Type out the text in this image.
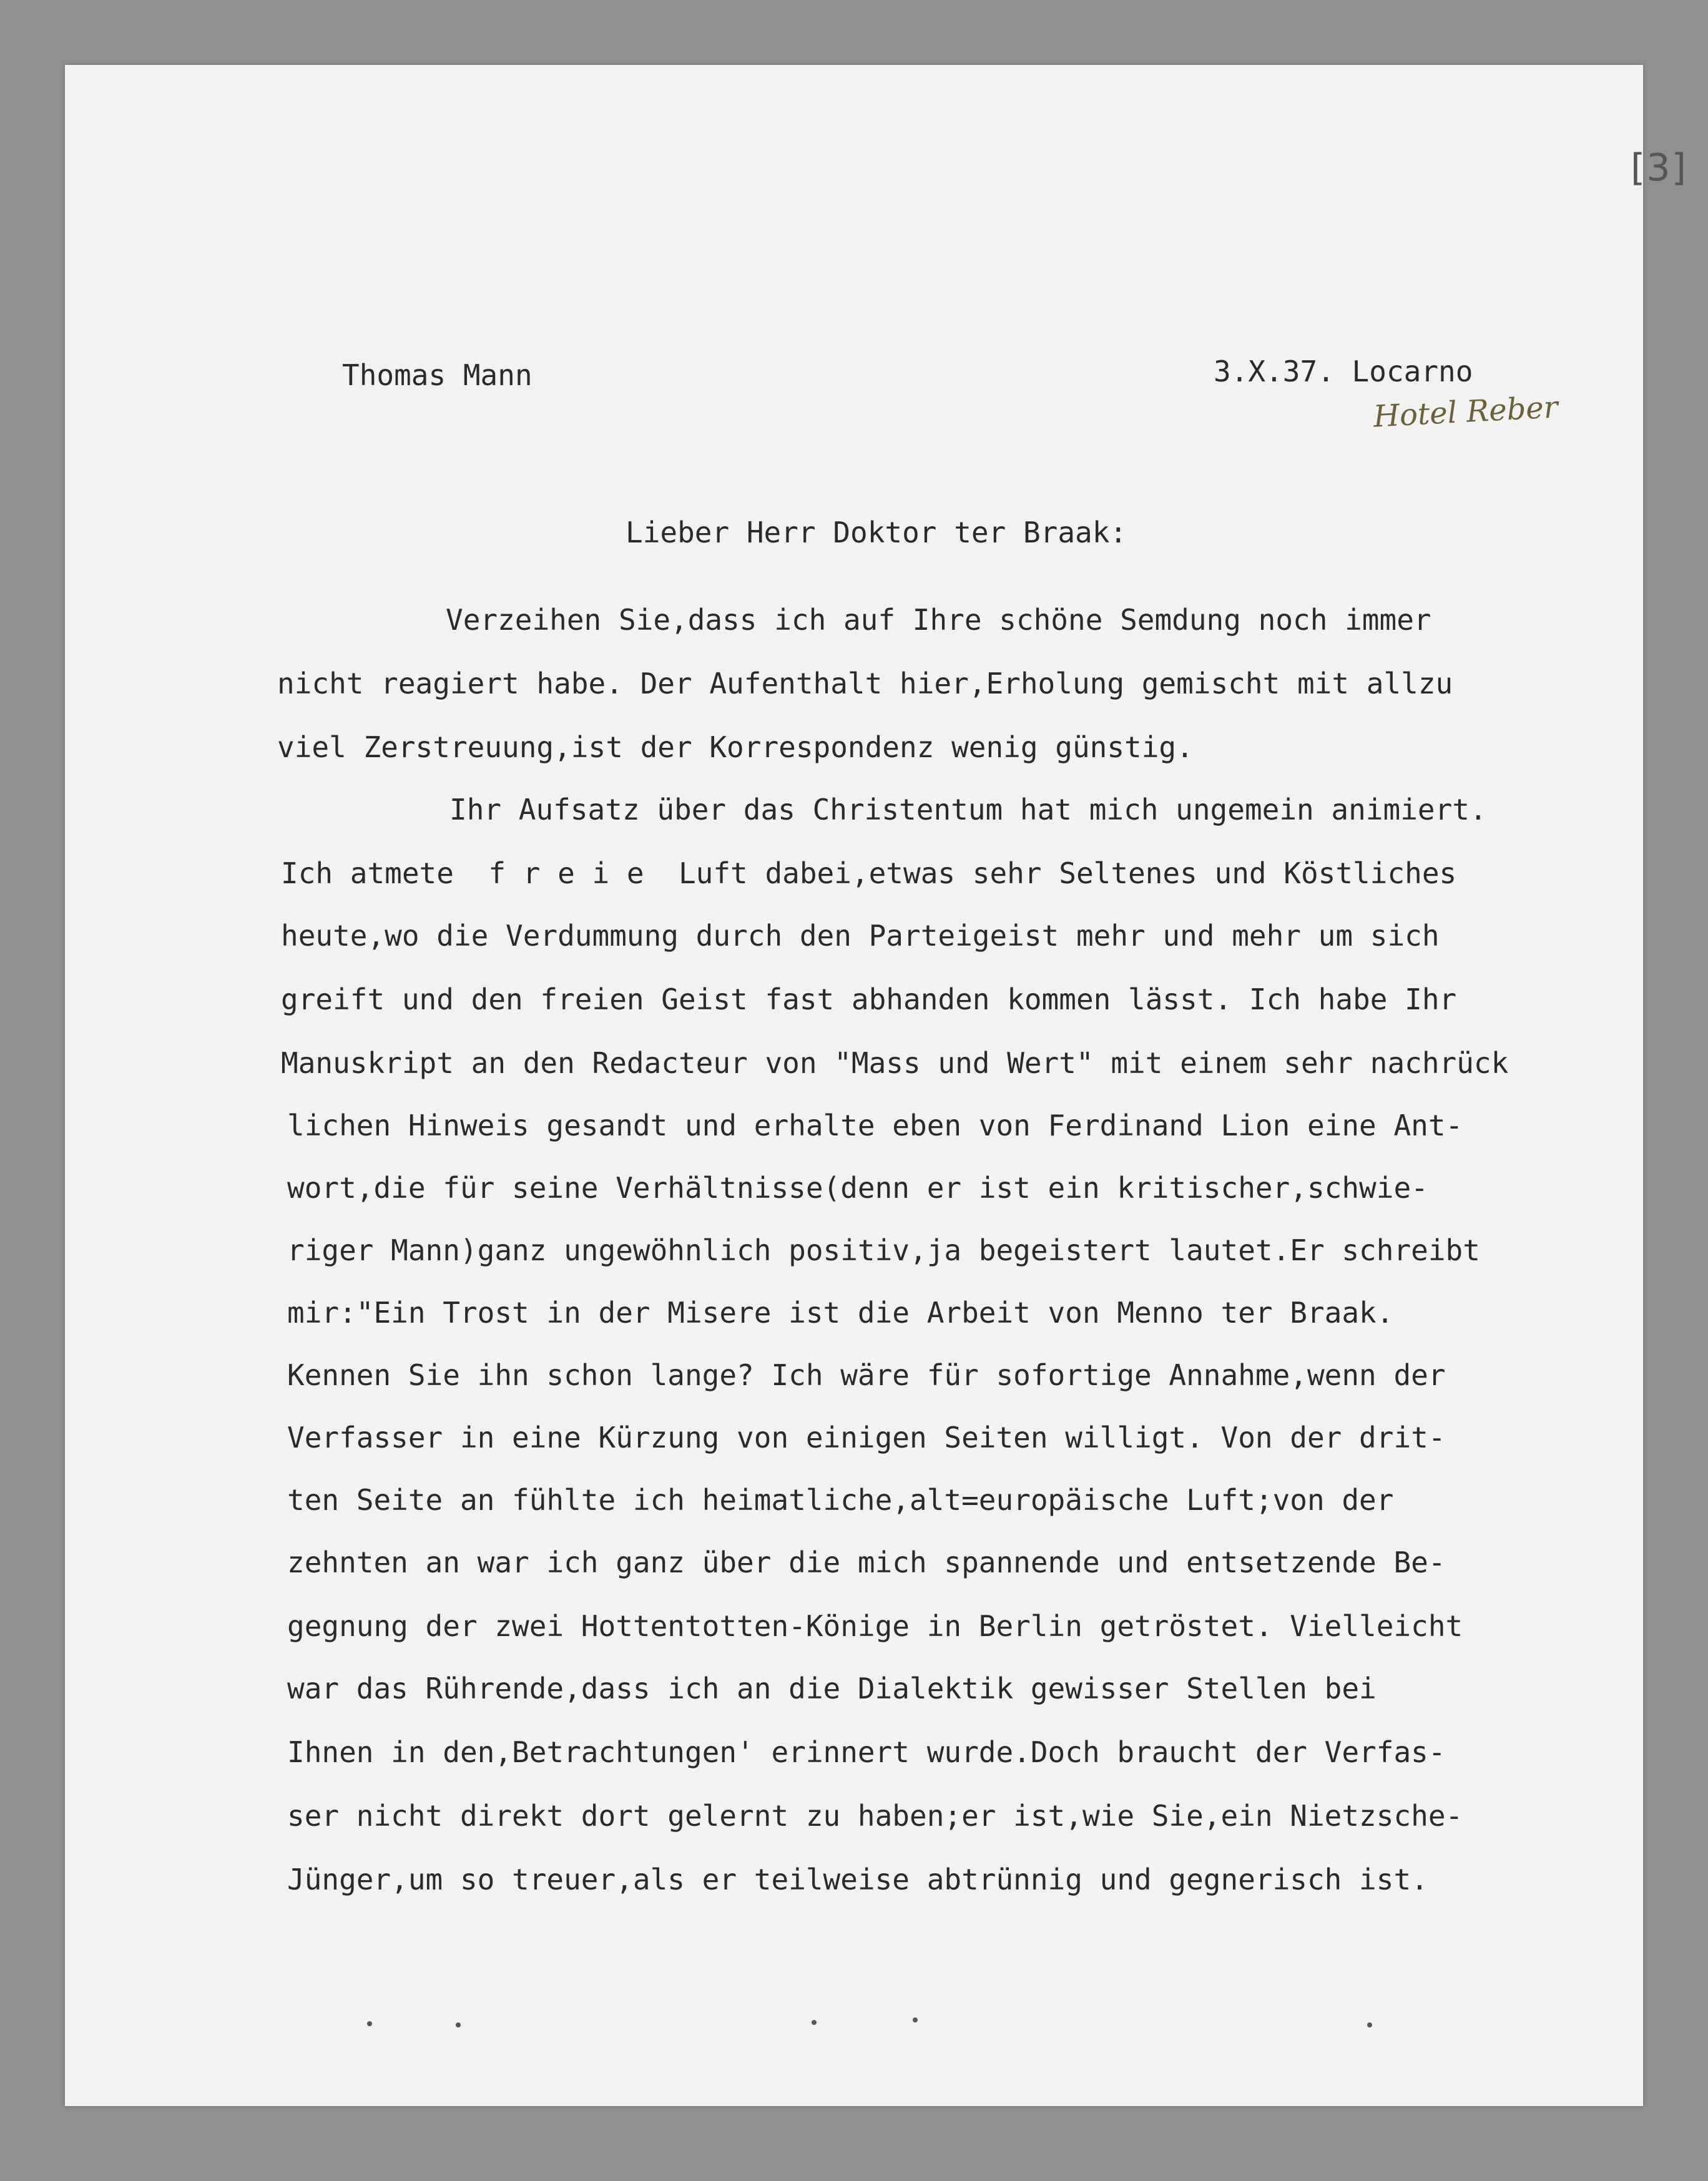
[3]
Thomas Mann	3.X.37. Locarno
Hotel Reber
Lieber Herr Doktor ter Braak:
Verzeihen Sie,dass ich auf Ihre schöne Semdung noch immer
nicht reagiert habe. Der Aufenthalt hier,Erholung gemischt mit allzu
viel Zerstreuung,ist der Korrespondenz wenig günstig.
Ihr Aufsatz über das Christentum hat mich ungemein animiert.
Ich atmete  f r e i e  Luft dabei,etwas sehr Seltenes und Köstliches
heute,wo die Verdummung durch den Parteigeist mehr und mehr um sich
greift und den freien Geist fast abhanden kommen lässt. Ich habe Ihr
Manuskript an den Redacteur von "Mass und Wert" mit einem sehr nachrück
lichen Hinweis gesandt und erhalte eben von Ferdinand Lion eine Ant-
wort,die für seine Verhältnisse(denn er ist ein kritischer,schwie-
riger Mann)ganz ungewöhnlich positiv,ja begeistert lautet.Er schreibt
mir:"Ein Trost in der Misere ist die Arbeit von Menno ter Braak.
Kennen Sie ihn schon lange? Ich wäre für sofortige Annahme,wenn der
Verfasser in eine Kürzung von einigen Seiten willigt. Von der drit-
ten Seite an fühlte ich heimatliche,alt=europäische Luft;von der
zehnten an war ich ganz über die mich spannende und entsetzende Be-
gegnung der zwei Hottentotten-Könige in Berlin getröstet. Vielleicht
war das Rührende,dass ich an die Dialektik gewisser Stellen bei
Ihnen in den,Betrachtungen' erinnert wurde.Doch braucht der Verfas-
ser nicht direkt dort gelernt zu haben;er ist,wie Sie,ein Nietzsche-
Jünger,um so treuer,als er teilweise abtrünnig und gegnerisch ist.
